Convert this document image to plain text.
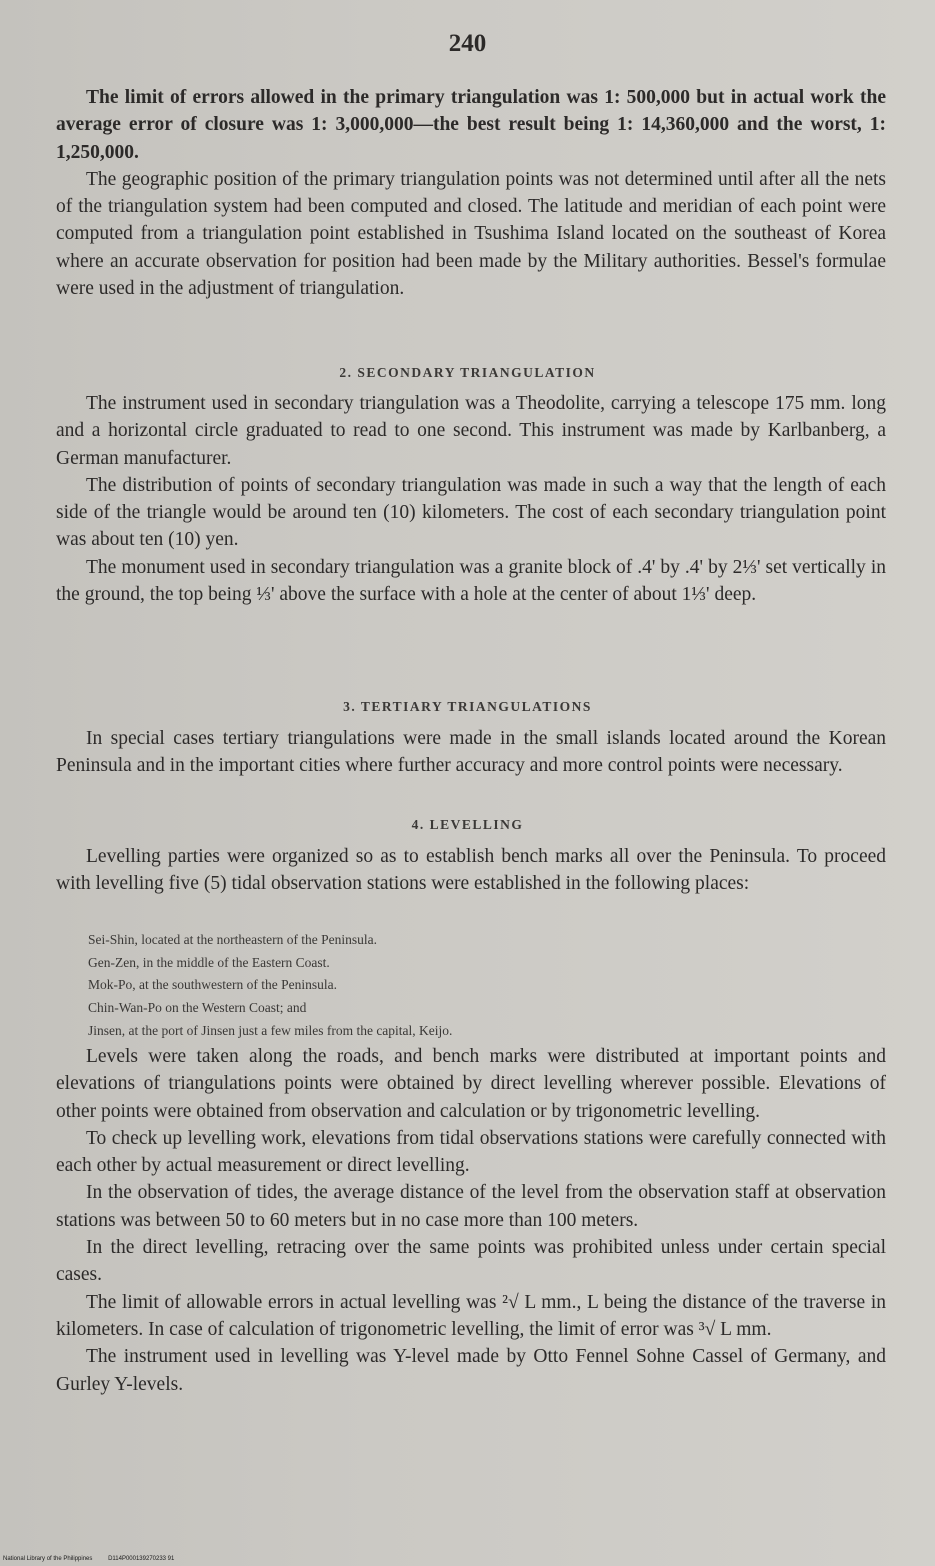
240

The limit of errors allowed in the primary triangulation was 1: 500,000 but in actual work the average error of closure was 1: 3,000,000—the best result being 1: 14,360,000 and the worst, 1: 1,250,000.

The geographic position of the primary triangulation points was not determined until after all the nets of the triangulation system had been computed and closed. The latitude and meridian of each point were computed from a triangulation point established in Tsushima Island located on the southeast of Korea where an accurate observation for position had been made by the Military authorities. Bessel's formulae were used in the adjustment of triangulation.

2. SECONDARY TRIANGULATION

The instrument used in secondary triangulation was a Theodolite, carrying a telescope 175 mm. long and a horizontal circle graduated to read to one second. This instrument was made by Karlbanberg, a German manufacturer.

The distribution of points of secondary triangulation was made in such a way that the length of each side of the triangle would be around ten (10) kilometers. The cost of each secondary triangulation point was about ten (10) yen.

The monument used in secondary triangulation was a granite block of .4' by .4' by 2⅓' set vertically in the ground, the top being ⅓' above the surface with a hole at the center of about 1⅓' deep.

3. TERTIARY TRIANGULATIONS

In special cases tertiary triangulations were made in the small islands located around the Korean Peninsula and in the important cities where further accuracy and more control points were necessary.

4. LEVELLING

Levelling parties were organized so as to establish bench marks all over the Peninsula. To proceed with levelling five (5) tidal observation stations were established in the following places:

Sei-Shin, located at the northeastern of the Peninsula.
Gen-Zen, in the middle of the Eastern Coast.
Mok-Po, at the southwestern of the Peninsula.
Chin-Wan-Po on the Western Coast; and
Jinsen, at the port of Jinsen just a few miles from the capital, Keijo.

Levels were taken along the roads, and bench marks were distributed at important points and elevations of triangulations points were obtained by direct levelling wherever possible. Elevations of other points were obtained from observation and calculation or by trigonometric levelling.

To check up levelling work, elevations from tidal observations stations were carefully connected with each other by actual measurement or direct levelling.

In the observation of tides, the average distance of the level from the observation staff at observation stations was between 50 to 60 meters but in no case more than 100 meters.

In the direct levelling, retracing over the same points was prohibited unless under certain special cases.

The limit of allowable errors in actual levelling was ²√ L mm., L being the distance of the traverse in kilometers. In case of calculation of trigonometric levelling, the limit of error was ³√ L mm.

The instrument used in levelling was Y-level made by Otto Fennel Sohne Cassel of Germany, and Gurley Y-levels.

National Library of the Philippines	D114P000139270233 91
